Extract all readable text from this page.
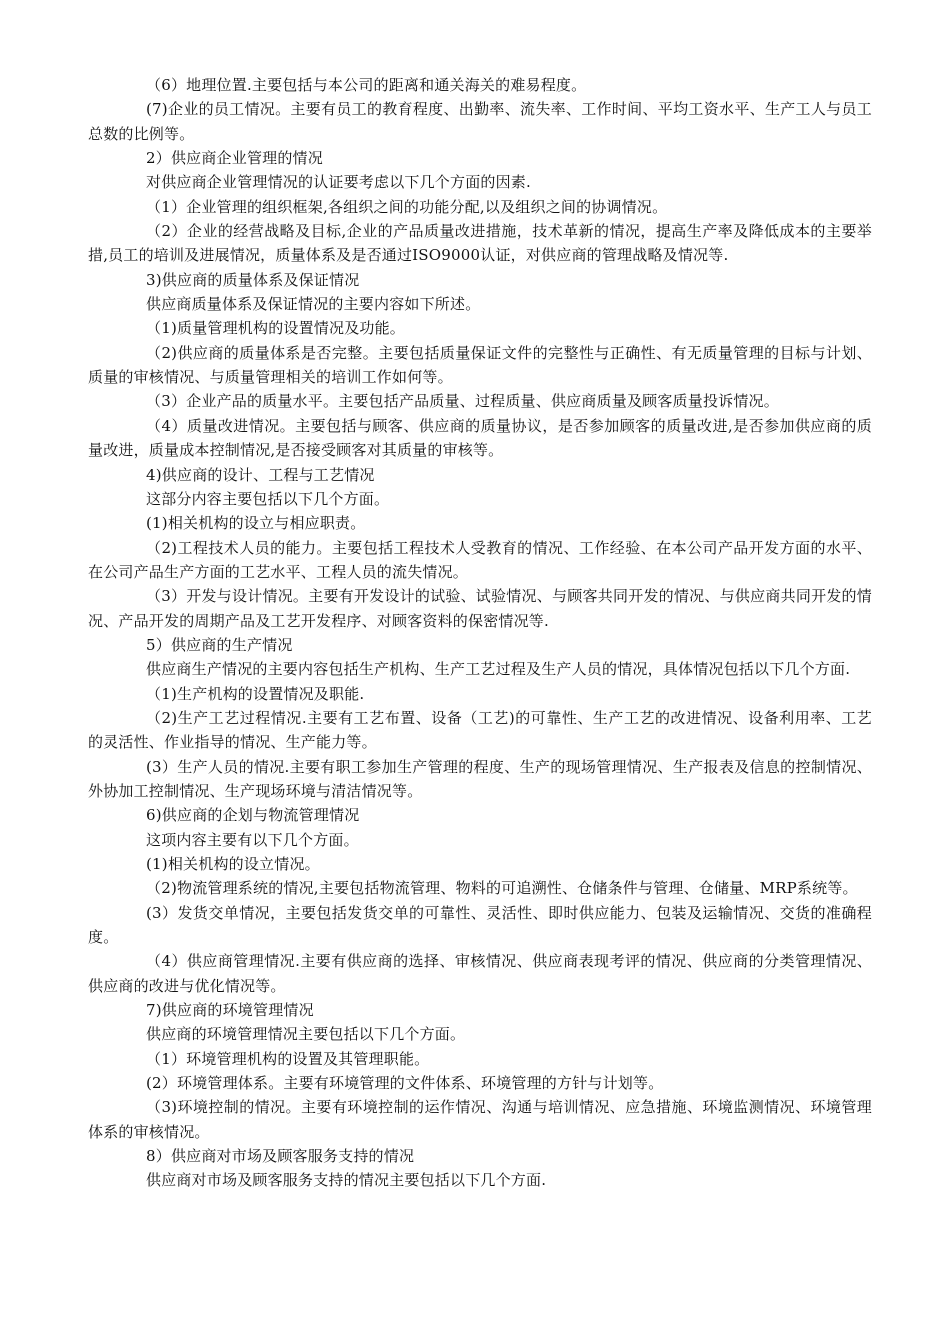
（6）地理位置.主要包括与本公司的距离和通关海关的难易程度。

(7)企业的员工情况。主要有员工的教育程度、出勤率、流失率、工作时间、平均工资水平、生产工人与员工总数的比例等。

2）供应商企业管理的情况

对供应商企业管理情况的认证要考虑以下几个方面的因素.

（1）企业管理的组织框架,各组织之间的功能分配,以及组织之间的协调情况。

（2）企业的经营战略及目标,企业的产品质量改进措施，技术革新的情况，提高生产率及降低成本的主要举措,员工的培训及进展情况，质量体系及是否通过ISO9000认证，对供应商的管理战略及情况等.

3)供应商的质量体系及保证情况

供应商质量体系及保证情况的主要内容如下所述。

（1)质量管理机构的设置情况及功能。

（2)供应商的质量体系是否完整。主要包括质量保证文件的完整性与正确性、有无质量管理的目标与计划、质量的审核情况、与质量管理相关的培训工作如何等。

（3）企业产品的质量水平。主要包括产品质量、过程质量、供应商质量及顾客质量投诉情况。

（4）质量改进情况。主要包括与顾客、供应商的质量协议，是否参加顾客的质量改进,是否参加供应商的质量改进，质量成本控制情况,是否接受顾客对其质量的审核等。

4)供应商的设计、工程与工艺情况

这部分内容主要包括以下几个方面。

(1)相关机构的设立与相应职责。

（2)工程技术人员的能力。主要包括工程技术人受教育的情况、工作经验、在本公司产品开发方面的水平、在公司产品生产方面的工艺水平、工程人员的流失情况。

（3）开发与设计情况。主要有开发设计的试验、试验情况、与顾客共同开发的情况、与供应商共同开发的情况、产品开发的周期产品及工艺开发程序、对顾客资料的保密情况等.

5）供应商的生产情况

供应商生产情况的主要内容包括生产机构、生产工艺过程及生产人员的情况，具体情况包括以下几个方面.

（1)生产机构的设置情况及职能.

（2)生产工艺过程情况.主要有工艺布置、设备（工艺)的可靠性、生产工艺的改进情况、设备利用率、工艺的灵活性、作业指导的情况、生产能力等。

(3）生产人员的情况.主要有职工参加生产管理的程度、生产的现场管理情况、生产报表及信息的控制情况、外协加工控制情况、生产现场环境与清洁情况等。

6)供应商的企划与物流管理情况

这项内容主要有以下几个方面。

(1)相关机构的设立情况。

（2)物流管理系统的情况,主要包括物流管理、物料的可追溯性、仓储条件与管理、仓储量、MRP系统等。

(3）发货交单情况，主要包括发货交单的可靠性、灵活性、即时供应能力、包装及运输情况、交货的准确程度。

（4）供应商管理情况.主要有供应商的选择、审核情况、供应商表现考评的情况、供应商的分类管理情况、供应商的改进与优化情况等。

7)供应商的环境管理情况

供应商的环境管理情况主要包括以下几个方面。

（1）环境管理机构的设置及其管理职能。

(2）环境管理体系。主要有环境管理的文件体系、环境管理的方针与计划等。

（3)环境控制的情况。主要有环境控制的运作情况、沟通与培训情况、应急措施、环境监测情况、环境管理体系的审核情况。

8）供应商对市场及顾客服务支持的情况

供应商对市场及顾客服务支持的情况主要包括以下几个方面.
